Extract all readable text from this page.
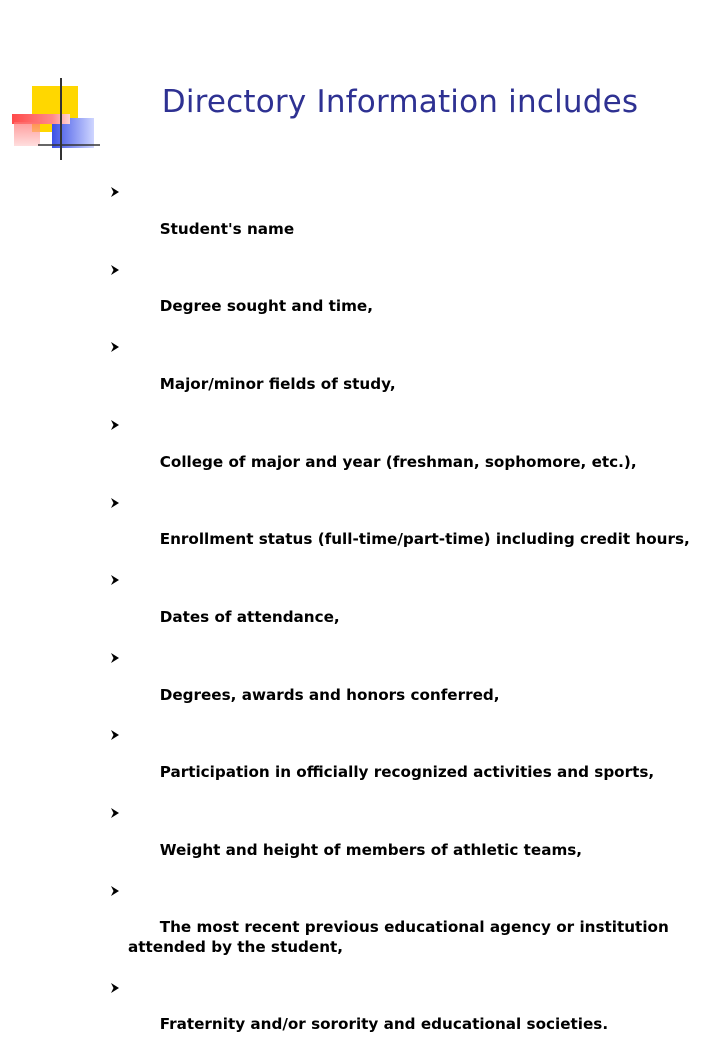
Directory Information includes

Student's name

Degree sought and time,

Major/minor fields of study,

College of major and year (freshman, sophomore, etc.),

Enrollment status (full-time/part-time) including credit hours,

Dates of attendance,

Degrees, awards and honors conferred,

Participation in officially recognized activities and sports,

Weight and height of members of athletic teams,

The most recent previous educational agency or institution
attended by the student,

Fraternity and/or sorority and educational societies.
